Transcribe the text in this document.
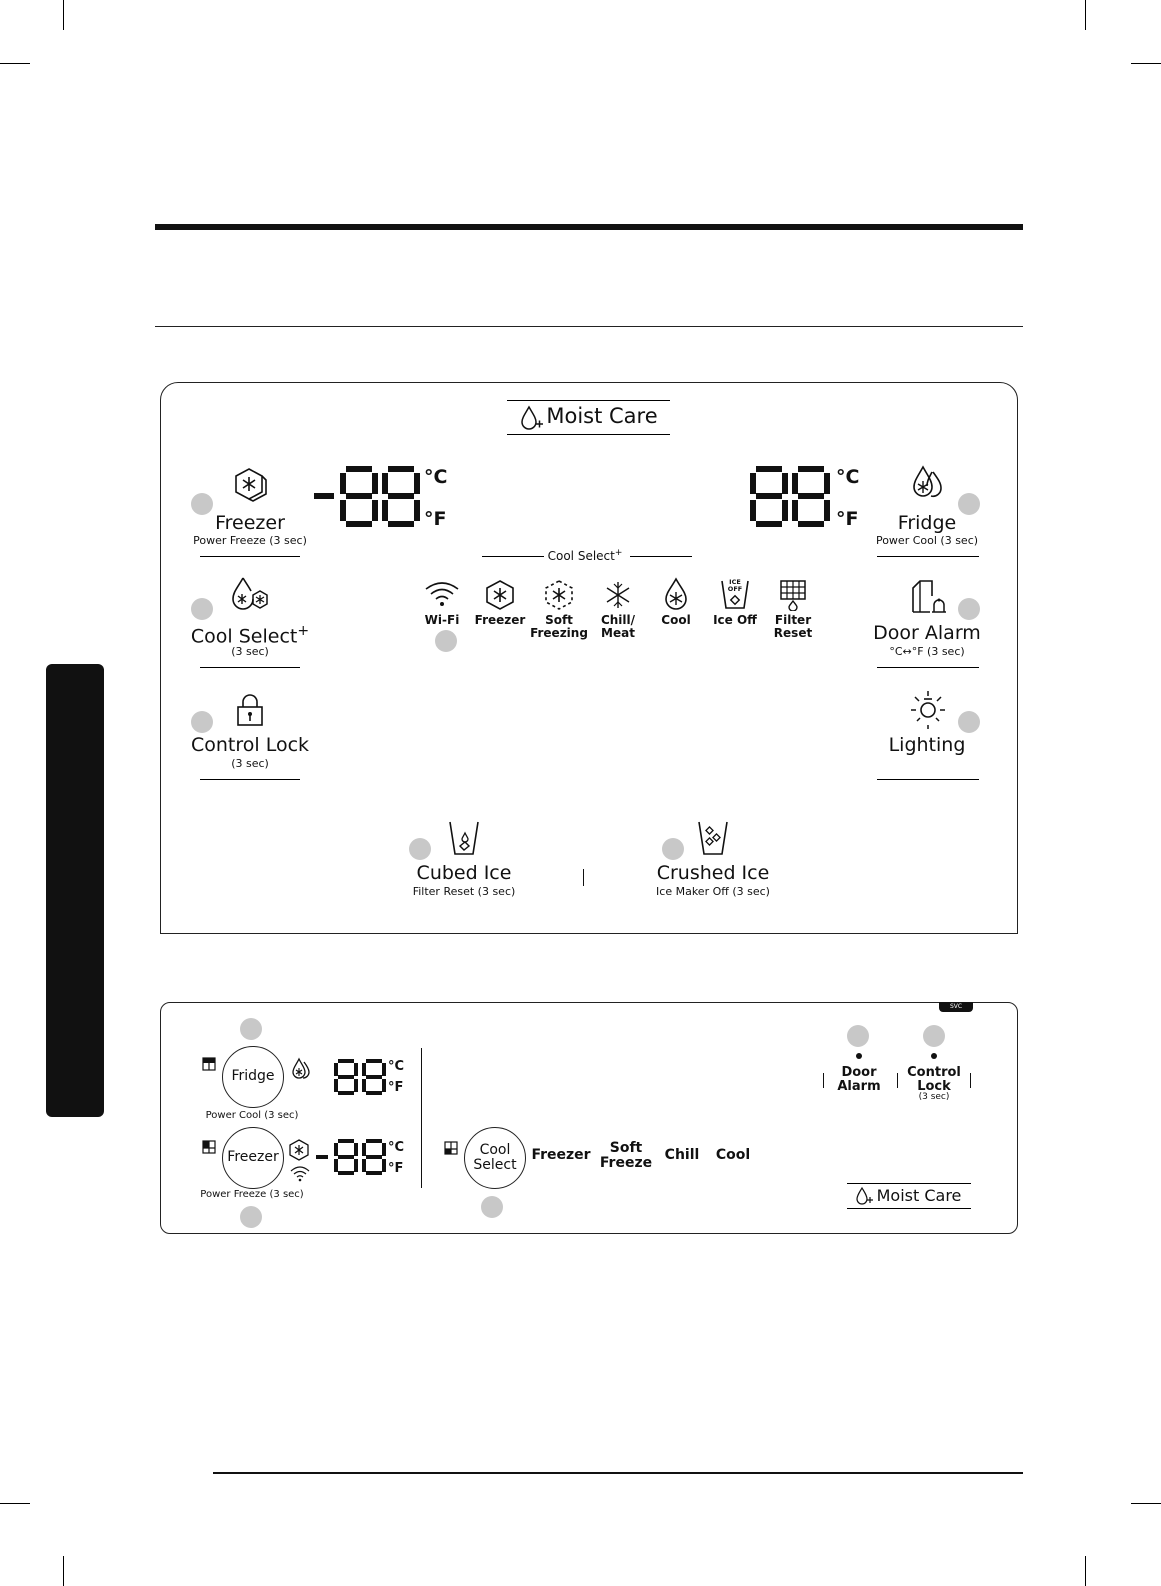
Moist Care
Freezer
Power Freeze (3 sec)
°C
°F
°C
°F Fridge
Power Cool (3 sec)
Cool Select+
Cool Select+
(3 sec)
Wi-Fi Freezer	Soft
Freezing
Chill/
Meat
Cool
ICE
OFF
Ice Off Filter
Reset	Door Alarm
°C↔°F (3 sec)
Control Lock
(3 sec)
Lighting
Cubed Ice
Filter Reset (3 sec)
Crushed Ice
Ice Maker Off (3 sec)
SVC
Fridge
Power Cool (3 sec)
°C
°F
Freezer
Power Freeze (3 sec)
°C
°F
Cool
Select
Freezer	Soft
Freeze Chill Cool
Door
Alarm
Control
Lock
(3 sec)
Moist Care
